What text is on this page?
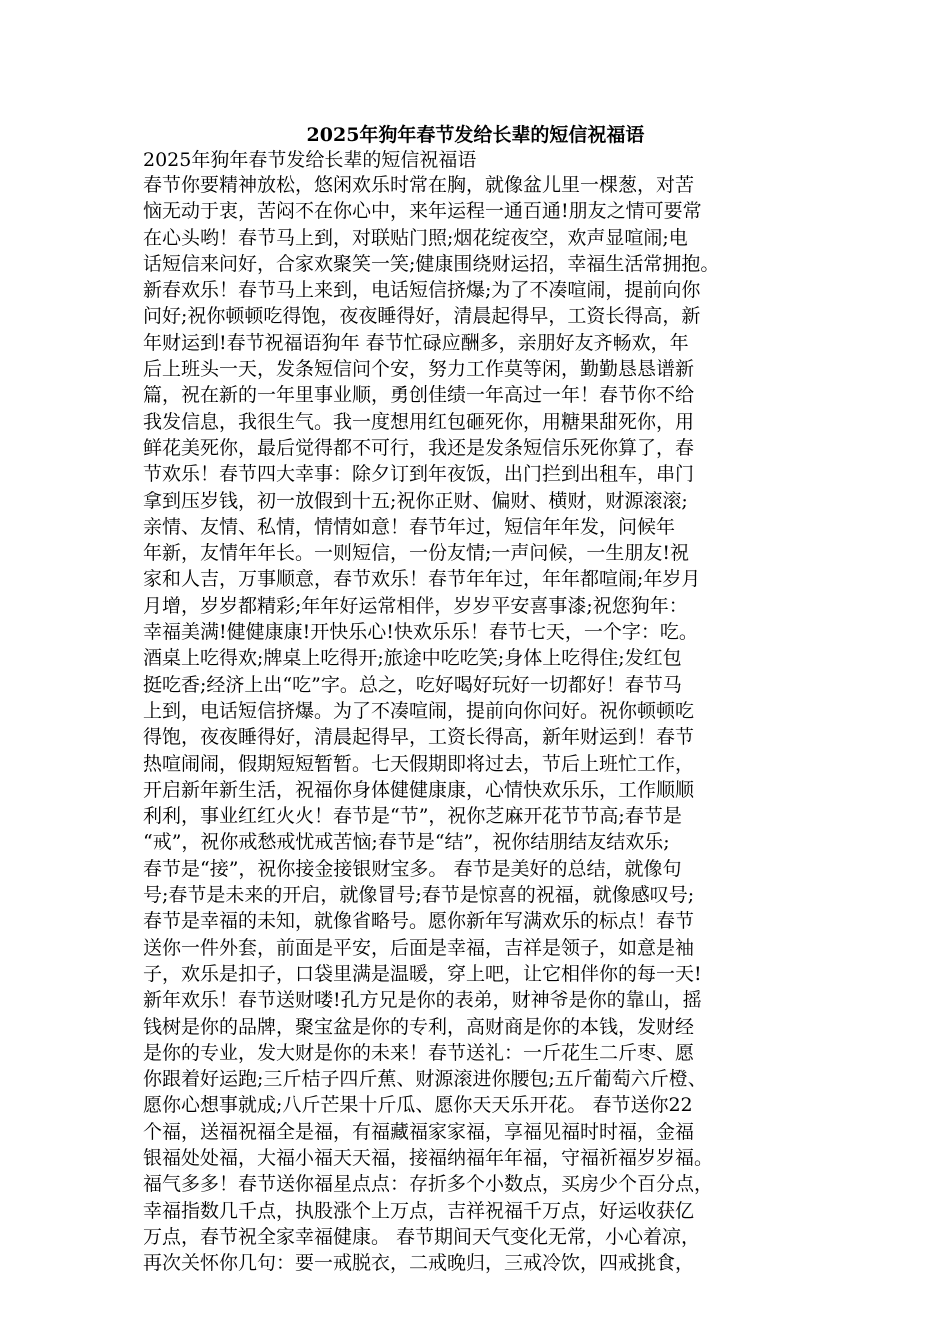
2025年狗年春节发给长辈的短信祝福语
2025年狗年春节发给长辈的短信祝福语
春节你要精神放松，悠闲欢乐时常在胸，就像盆儿里一棵葱，对苦
恼无动于衷，苦闷不在你心中，来年运程一通百通!朋友之情可要常
在心头哟！春节马上到，对联贴门照;烟花绽夜空，欢声显喧闹;电
话短信来问好，合家欢聚笑一笑;健康围绕财运招，幸福生活常拥抱。
新春欢乐！春节马上来到，电话短信挤爆;为了不凑喧闹，提前向你
问好;祝你顿顿吃得饱，夜夜睡得好，清晨起得早，工资长得高，新
年财运到!春节祝福语狗年 春节忙碌应酬多，亲朋好友齐畅欢，年
后上班头一天，发条短信问个安，努力工作莫等闲，勤勤恳恳谱新
篇，祝在新的一年里事业顺，勇创佳绩一年高过一年！春节你不给
我发信息，我很生气。我一度想用红包砸死你，用糖果甜死你，用
鲜花美死你，最后觉得都不可行，我还是发条短信乐死你算了，春
节欢乐！春节四大幸事：除夕订到年夜饭，出门拦到出租车，串门
拿到压岁钱，初一放假到十五;祝你正财、偏财、横财，财源滚滚;
亲情、友情、私情，情情如意！春节年过，短信年年发，问候年
年新，友情年年长。一则短信，一份友情;一声问候，一生朋友!祝
家和人吉，万事顺意，春节欢乐！春节年年过，年年都喧闹;年岁月
月增，岁岁都精彩;年年好运常相伴，岁岁平安喜事漆;祝您狗年：
幸福美满!健健康康!开快乐心!快欢乐乐！春节七天，一个字：吃。
酒桌上吃得欢;牌桌上吃得开;旅途中吃吃笑;身体上吃得住;发红包
挺吃香;经济上出“吃”字。总之，吃好喝好玩好一切都好！春节马
上到，电话短信挤爆。为了不凑喧闹，提前向你问好。祝你顿顿吃
得饱，夜夜睡得好，清晨起得早，工资长得高，新年财运到！春节
热喧闹闹，假期短短暂暂。七天假期即将过去，节后上班忙工作，
开启新年新生活，祝福你身体健健康康，心情快欢乐乐，工作顺顺
利利，事业红红火火！春节是“节”，祝你芝麻开花节节高;春节是
“戒”，祝你戒愁戒忧戒苦恼;春节是“结”，祝你结朋结友结欢乐;
春节是“接”，祝你接金接银财宝多。 春节是美好的总结，就像句
号;春节是未来的开启，就像冒号;春节是惊喜的祝福，就像感叹号;
春节是幸福的未知，就像省略号。愿你新年写满欢乐的标点！春节
送你一件外套，前面是平安，后面是幸福，吉祥是领子，如意是袖
子，欢乐是扣子，口袋里满是温暖，穿上吧，让它相伴你的每一天!
新年欢乐！春节送财喽!孔方兄是你的表弟，财神爷是你的靠山，摇
钱树是你的品牌，聚宝盆是你的专利，高财商是你的本钱，发财经
是你的专业，发大财是你的未来！春节送礼：一斤花生二斤枣、愿
你跟着好运跑;三斤桔子四斤蕉、财源滚进你腰包;五斤葡萄六斤橙、
愿你心想事就成;八斤芒果十斤瓜、愿你天天乐开花。 春节送你22
个福，送福祝福全是福，有福藏福家家福，享福见福时时福，金福
银福处处福，大福小福天天福，接福纳福年年福，守福祈福岁岁福。
福气多多！春节送你福星点点：存折多个小数点，买房少个百分点，
幸福指数几千点，执股涨个上万点，吉祥祝福千万点，好运收获亿
万点，春节祝全家幸福健康。 春节期间天气变化无常，小心着凉，
再次关怀你几句：要一戒脱衣，二戒晚归，三戒冷饮，四戒挑食，
